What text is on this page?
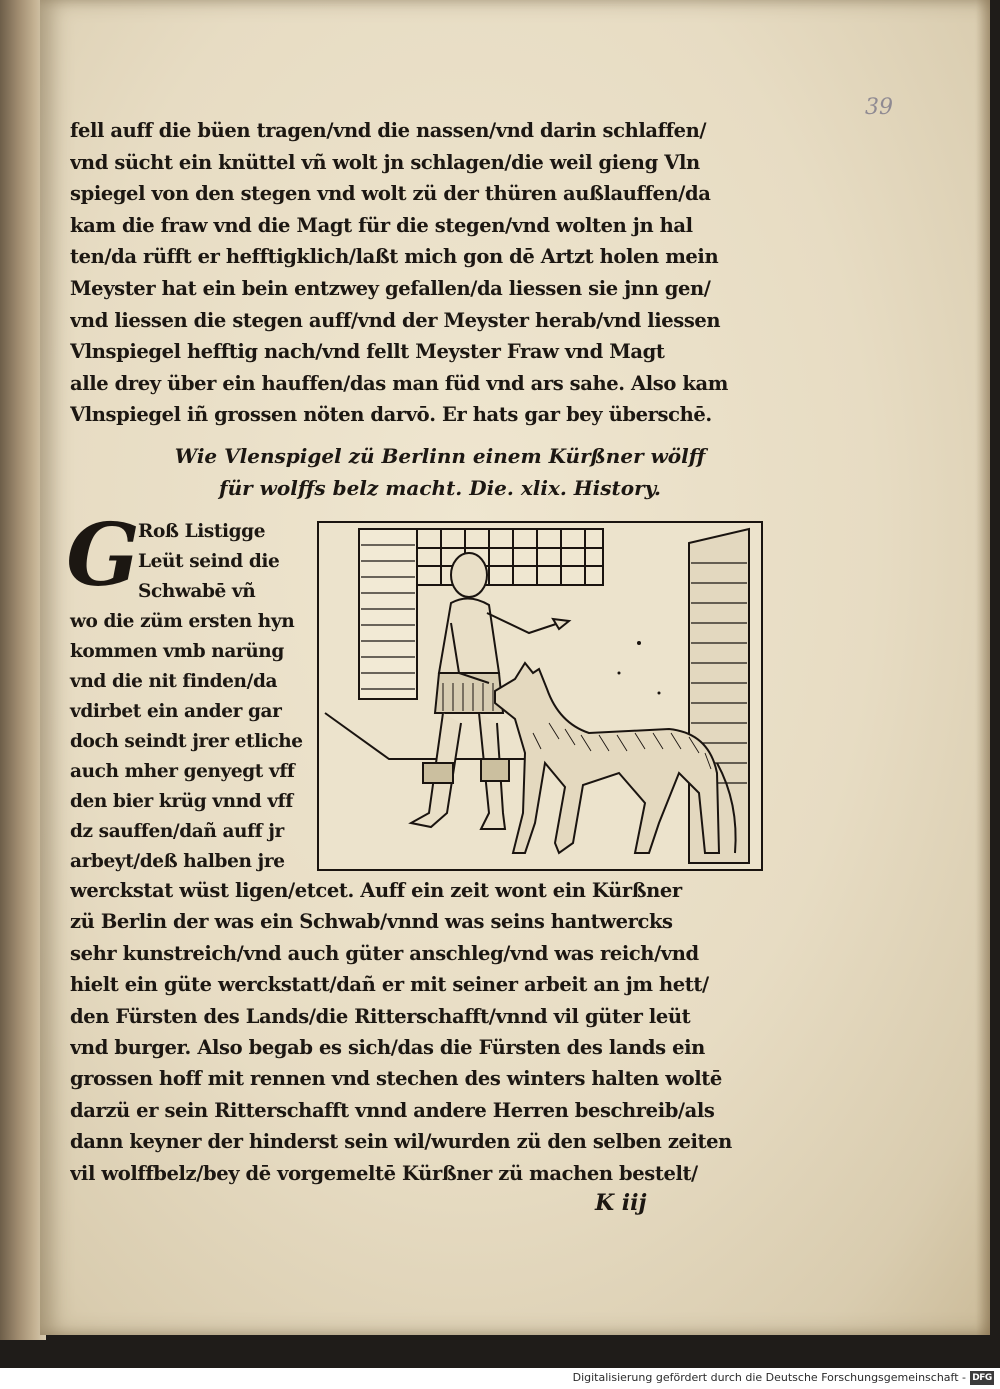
39
fell auff die büen tragen/vnd die nassen/vnd darin schlaffen/
vnd sücht ein knüttel vñ wolt jn schlagen/die weil gieng Vln
spiegel von den stegen vnd wolt zü der thüren außlauffen/da
kam die fraw vnd die Magt für die stegen/vnd wolten jn hal
ten/da rüfft er hefftigklich/laßt mich gon dē Artzt holen mein
Meyster hat ein bein entzwey gefallen/da liessen sie jnn gen/
vnd liessen die stegen auff/vnd der Meyster herab/vnd liessen
Vlnspiegel hefftig nach/vnd fellt Meyster Fraw vnd Magt
alle drey über ein hauffen/das man füd vnd ars sahe. Also kam
Vlnspiegel iñ grossen nöten darvō. Er hats gar bey überschē.
Wie Vlenspigel zü Berlinn einem Kürßner wölff
für wolffs belz macht. Die. xlix. History.
G
Roß Listigge
Leüt seind die
Schwabē vñ
wo die züm ersten hyn
kommen vmb narüng
vnd die nit finden/da
vdirbet ein ander gar
doch seindt jrer etliche
auch mher genyegt vff
den bier krüg vnnd vff
dz sauffen/dañ auff jr
arbeyt/deß halben jre
werckstat wüst ligen/etcet. Auff ein zeit wont ein Kürßner
zü Berlin der was ein Schwab/vnnd was seins hantwercks
sehr kunstreich/vnd auch güter anschleg/vnd was reich/vnd
hielt ein güte werckstatt/dañ er mit seiner arbeit an jm hett/
den Fürsten des Lands/die Ritterschafft/vnnd vil güter leüt
vnd burger. Also begab es sich/das die Fürsten des lands ein
grossen hoff mit rennen vnd stechen des winters halten woltē
darzü er sein Ritterschafft vnnd andere Herren beschreib/als
dann keyner der hinderst sein wil/wurden zü den selben zeiten
vil wolffbelz/bey dē vorgemeltē Kürßner zü machen bestelt/
K iij
Digitalisierung gefördert durch die Deutsche Forschungsgemeinschaft - DFG
